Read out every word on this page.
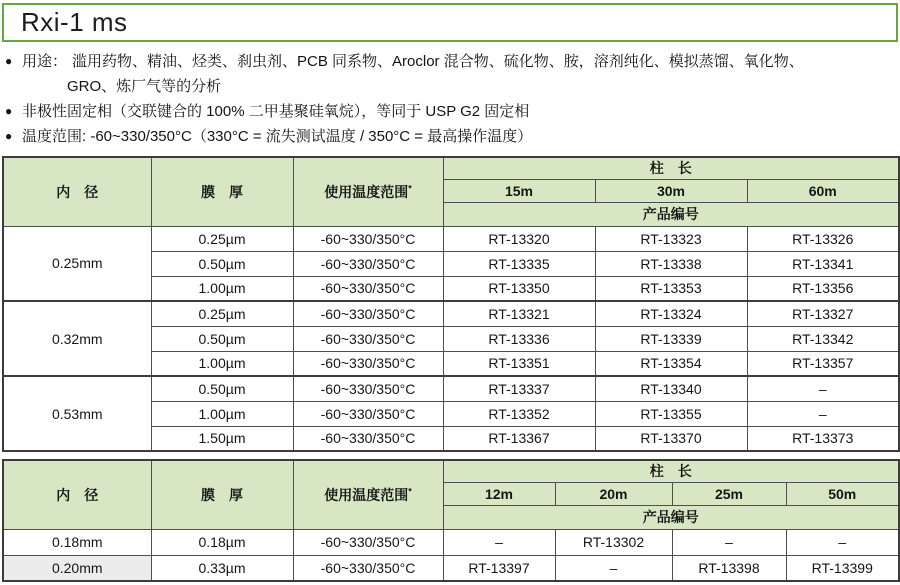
Rxi-1 ms
● 用途： 滥用药物、精油、烃类、刹虫剂、PCB 同系物、Aroclor 混合物、硫化物、胺，溶剂纯化、模拟蒸馏、氧化物、
GRO、炼厂气等的分析
● 非极性固定相（交联键合的 100% 二甲基聚硅氧烷），等同于 USP G2 固定相
● 温度范围: -60~330/350°C（330°C = 流失测试温度 / 350°C = 最高操作温度）
内　径	膜　厚	使用温度范围*	柱　长		
			15m	30m	60m
			产品编号		
0.25mm	0.25µm	-60~330/350°C	RT-13320	RT-13323	RT-13326
	0.50µm	-60~330/350°C	RT-13335	RT-13338	RT-13341
	1.00µm	-60~330/350°C	RT-13350	RT-13353	RT-13356
0.32mm	0.25µm	-60~330/350°C	RT-13321	RT-13324	RT-13327
	0.50µm	-60~330/350°C	RT-13336	RT-13339	RT-13342
	1.00µm	-60~330/350°C	RT-13351	RT-13354	RT-13357
0.53mm	0.50µm	-60~330/350°C	RT-13337	RT-13340	–
	1.00µm	-60~330/350°C	RT-13352	RT-13355	–
	1.50µm	-60~330/350°C	RT-13367	RT-13370	RT-13373
内　径	膜　厚	使用温度范围*	柱　长			
			12m	20m	25m	50m
			产品编号			
0.18mm	0.18µm	-60~330/350°C	–	RT-13302	–	–
0.20mm	0.33µm	-60~330/350°C	RT-13397	–	RT-13398	RT-13399
